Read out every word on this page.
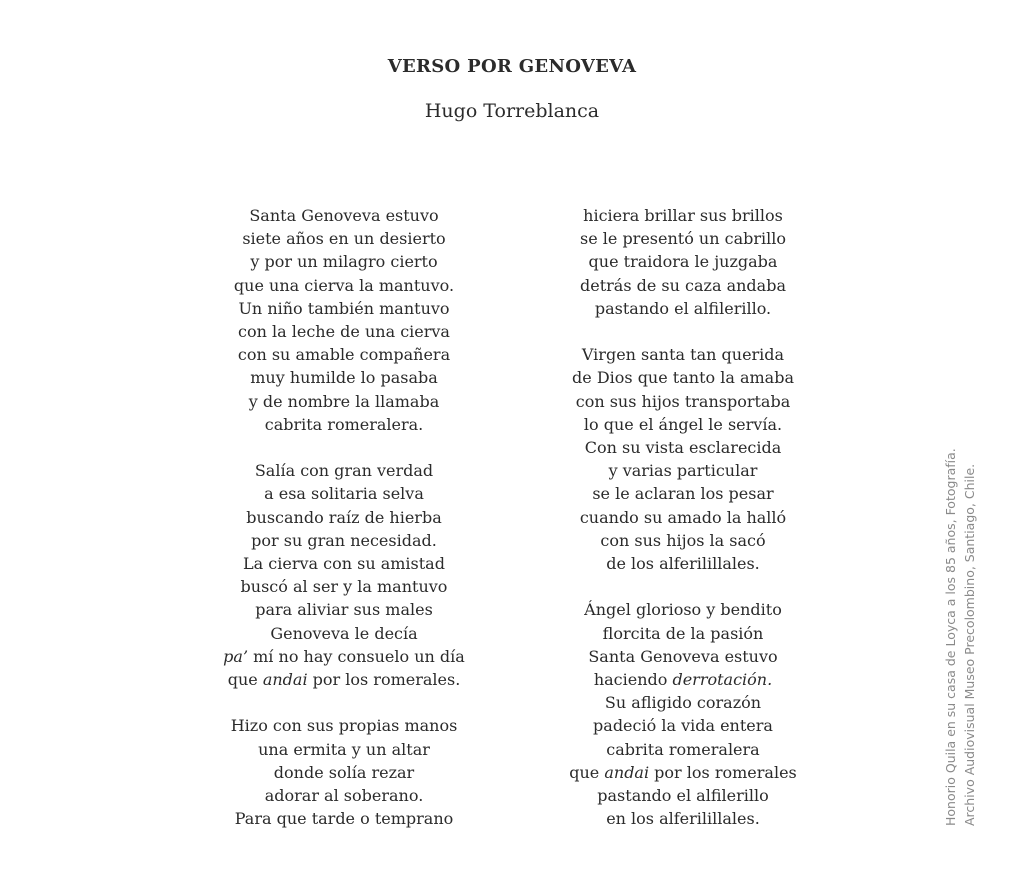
VERSO POR GENOVEVA
Hugo Torreblanca
Santa Genoveva estuvo
siete años en un desierto
y por un milagro cierto
que una cierva la mantuvo.
Un niño también mantuvo
con la leche de una cierva
con su amable compañera
muy humilde lo pasaba
y de nombre la llamaba
cabrita romeralera.
Salía con gran verdad
a esa solitaria selva
buscando raíz de hierba
por su gran necesidad.
La cierva con su amistad
buscó al ser y la mantuvo
para aliviar sus males
Genoveva le decía
pa’ mí no hay consuelo un día
que andai por los romerales.
Hizo con sus propias manos
una ermita y un altar
donde solía rezar
adorar al soberano.
Para que tarde o temprano
hiciera brillar sus brillos
se le presentó un cabrillo
que traidora le juzgaba
detrás de su caza andaba
pastando el alfilerillo.
Virgen santa tan querida
de Dios que tanto la amaba
con sus hijos transportaba
lo que el ángel le servía.
Con su vista esclarecida
y varias particular
se le aclaran los pesar
cuando su amado la halló
con sus hijos la sacó
de los alferilillales.
Ángel glorioso y bendito
florcita de la pasión
Santa Genoveva estuvo
haciendo derrotación.
Su afligido corazón
padeció la vida entera
cabrita romeralera
que andai por los romerales
pastando el alfilerillo
en los alferilillales.	Honorio Quila en su casa de Loyca a los 85 años, Fotografía. Archivo Audiovisual Museo Precolombino, Santiago, Chile.
